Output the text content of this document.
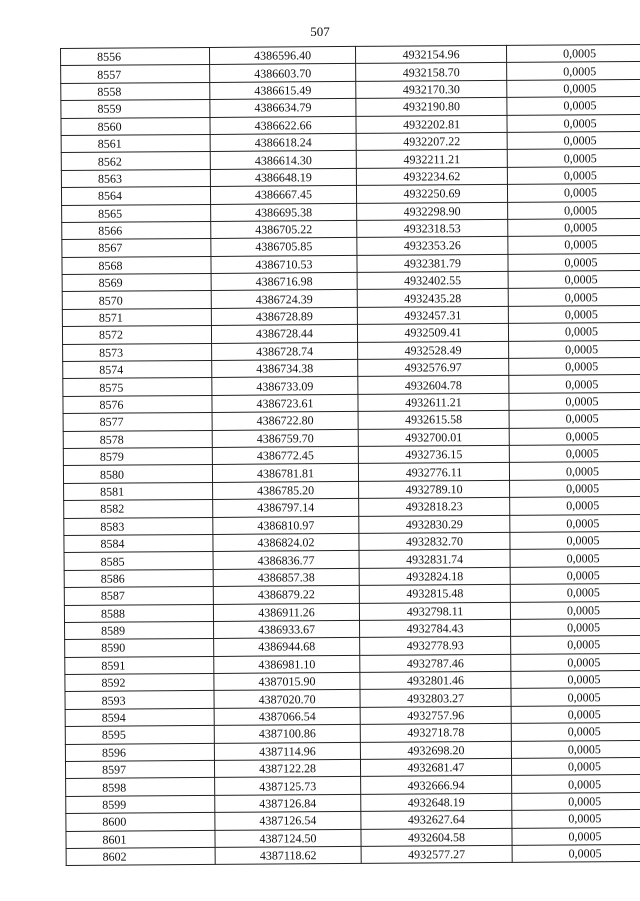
507
8556	4386596.40	4932154.96	0,0005
8557	4386603.70	4932158.70	0,0005
8558	4386615.49	4932170.30	0,0005
8559	4386634.79	4932190.80	0,0005
8560	4386622.66	4932202.81	0,0005
8561	4386618.24	4932207.22	0,0005
8562	4386614.30	4932211.21	0,0005
8563	4386648.19	4932234.62	0,0005
8564	4386667.45	4932250.69	0,0005
8565	4386695.38	4932298.90	0,0005
8566	4386705.22	4932318.53	0,0005
8567	4386705.85	4932353.26	0,0005
8568	4386710.53	4932381.79	0,0005
8569	4386716.98	4932402.55	0,0005
8570	4386724.39	4932435.28	0,0005
8571	4386728.89	4932457.31	0,0005
8572	4386728.44	4932509.41	0,0005
8573	4386728.74	4932528.49	0,0005
8574	4386734.38	4932576.97	0,0005
8575	4386733.09	4932604.78	0,0005
8576	4386723.61	4932611.21	0,0005
8577	4386722.80	4932615.58	0,0005
8578	4386759.70	4932700.01	0,0005
8579	4386772.45	4932736.15	0,0005
8580	4386781.81	4932776.11	0,0005
8581	4386785.20	4932789.10	0,0005
8582	4386797.14	4932818.23	0,0005
8583	4386810.97	4932830.29	0,0005
8584	4386824.02	4932832.70	0,0005
8585	4386836.77	4932831.74	0,0005
8586	4386857.38	4932824.18	0,0005
8587	4386879.22	4932815.48	0,0005
8588	4386911.26	4932798.11	0,0005
8589	4386933.67	4932784.43	0,0005
8590	4386944.68	4932778.93	0,0005
8591	4386981.10	4932787.46	0,0005
8592	4387015.90	4932801.46	0,0005
8593	4387020.70	4932803.27	0,0005
8594	4387066.54	4932757.96	0,0005
8595	4387100.86	4932718.78	0,0005
8596	4387114.96	4932698.20	0,0005
8597	4387122.28	4932681.47	0,0005
8598	4387125.73	4932666.94	0,0005
8599	4387126.84	4932648.19	0,0005
8600	4387126.54	4932627.64	0,0005
8601	4387124.50	4932604.58	0,0005
8602	4387118.62	4932577.27	0,0005
